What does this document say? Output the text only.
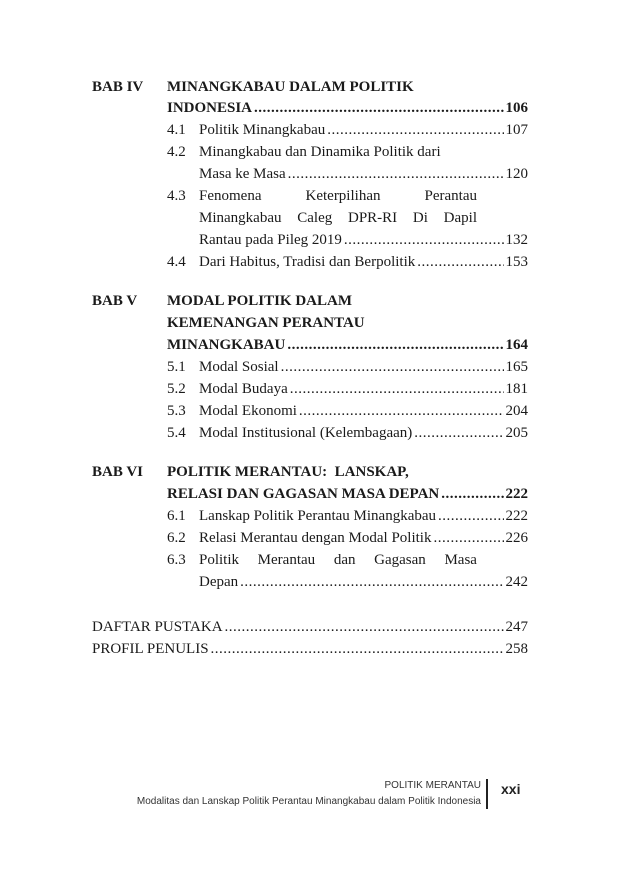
BAB IV MINANGKABAU DALAM POLITIK
INDONESIA .....	106
4.1 Politik Minangkabau .....	107
4.2 Minangkabau dan Dinamika Politik dari
Masa ke Masa .....	120
4.3 Fenomena	Keterpilihan	Perantau
Minangkabau Caleg DPR-RI Di Dapil
Rantau pada Pileg 2019 .....	132
4.4 Dari Habitus, Tradisi dan Berpolitik .....	153
BAB V MODAL POLITIK DALAM
KEMENANGAN PERANTAU
MINANGKABAU .....	164
5.1 Modal Sosial .....	165
5.2 Modal Budaya .....	181
5.3 Modal Ekonomi .....	204
5.4 Modal Institusional (Kelembagaan) .....	205
BAB VI POLITIK MERANTAU:  LANSKAP,
RELASI DAN GAGASAN MASA DEPAN .....	222
6.1 Lanskap Politik Perantau Minangkabau .....	222
6.2 Relasi Merantau dengan Modal Politik .....	226
6.3 Politik Merantau dan Gagasan Masa
Depan .....	242
DAFTAR PUSTAKA .....	247
PROFIL PENULIS .....	258
POLITIK MERANTAU
Modalitas dan Lanskap Politik Perantau Minangkabau dalam Politik Indonesia
xxi
